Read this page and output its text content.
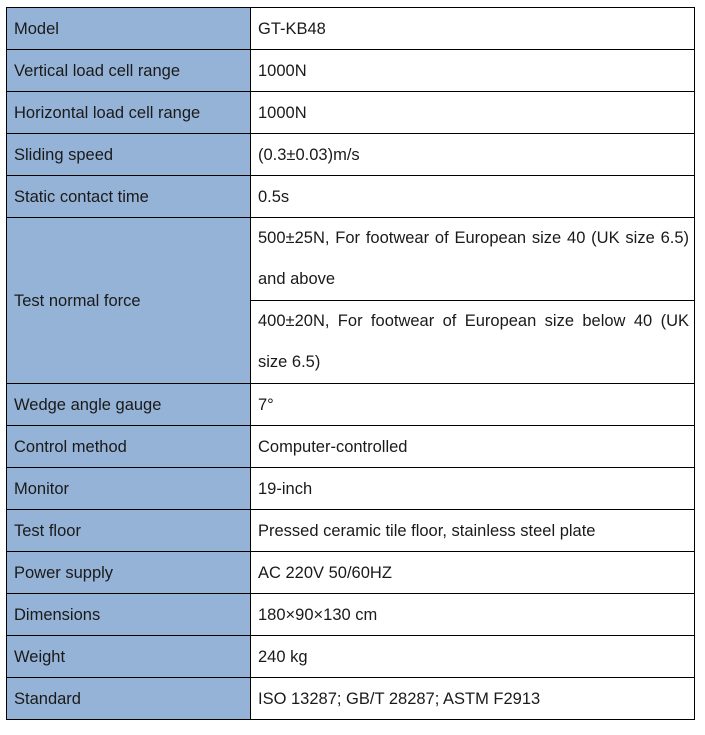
Model	GT-KB48
Vertical load cell range	1000N
Horizontal load cell range	1000N
Sliding speed	(0.3±0.03)m/s
Static contact time	0.5s
Test normal force	500±25N, For footwear of European size 40 (UK size 6.5) and above
	400±20N, For footwear of European size below 40 (UK size 6.5)
Wedge angle gauge	7°
Control method	Computer-controlled
Monitor	19-inch
Test floor	Pressed ceramic tile floor, stainless steel plate
Power supply	AC 220V 50/60HZ
Dimensions	180×90×130 cm
Weight	240 kg
Standard	ISO 13287; GB/T 28287; ASTM F2913
